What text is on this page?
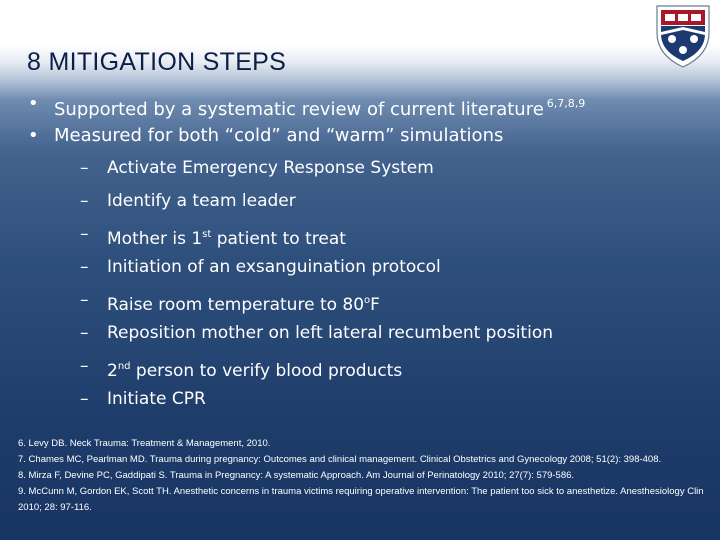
8 MITIGATION STEPS
• Supported by a systematic review of current literature $^{6,7,8,9}$
• Measured for both “cold” and “warm” simulations
– Activate Emergency Response System
– Identify a team leader
– Mother is 1st patient to treat
– Initiation of an exsanguination protocol
– Raise room temperature to 80$^o$F
– Reposition mother on left lateral recumbent position
– 2nd person to verify blood products
– Initiate CPR
6. Levy DB. Neck Trauma: Treatment & Management, 2010.
7. Chames MC, Pearlman MD. Trauma during pregnancy: Outcomes and clinical management. Clinical Obstetrics and Gynecology 2008; 51(2): 398-408.
8. Mirza F, Devine PC, Gaddipati S. Trauma in Pregnancy: A systematic Approach. Am Journal of Perinatology 2010; 27(7): 579-586.
9. McCunn M, Gordon EK, Scott TH. Anesthetic concerns in trauma victims requiring operative intervention: The patient too sick to anesthetize. Anesthesiology Clin 2010; 28: 97-116.
